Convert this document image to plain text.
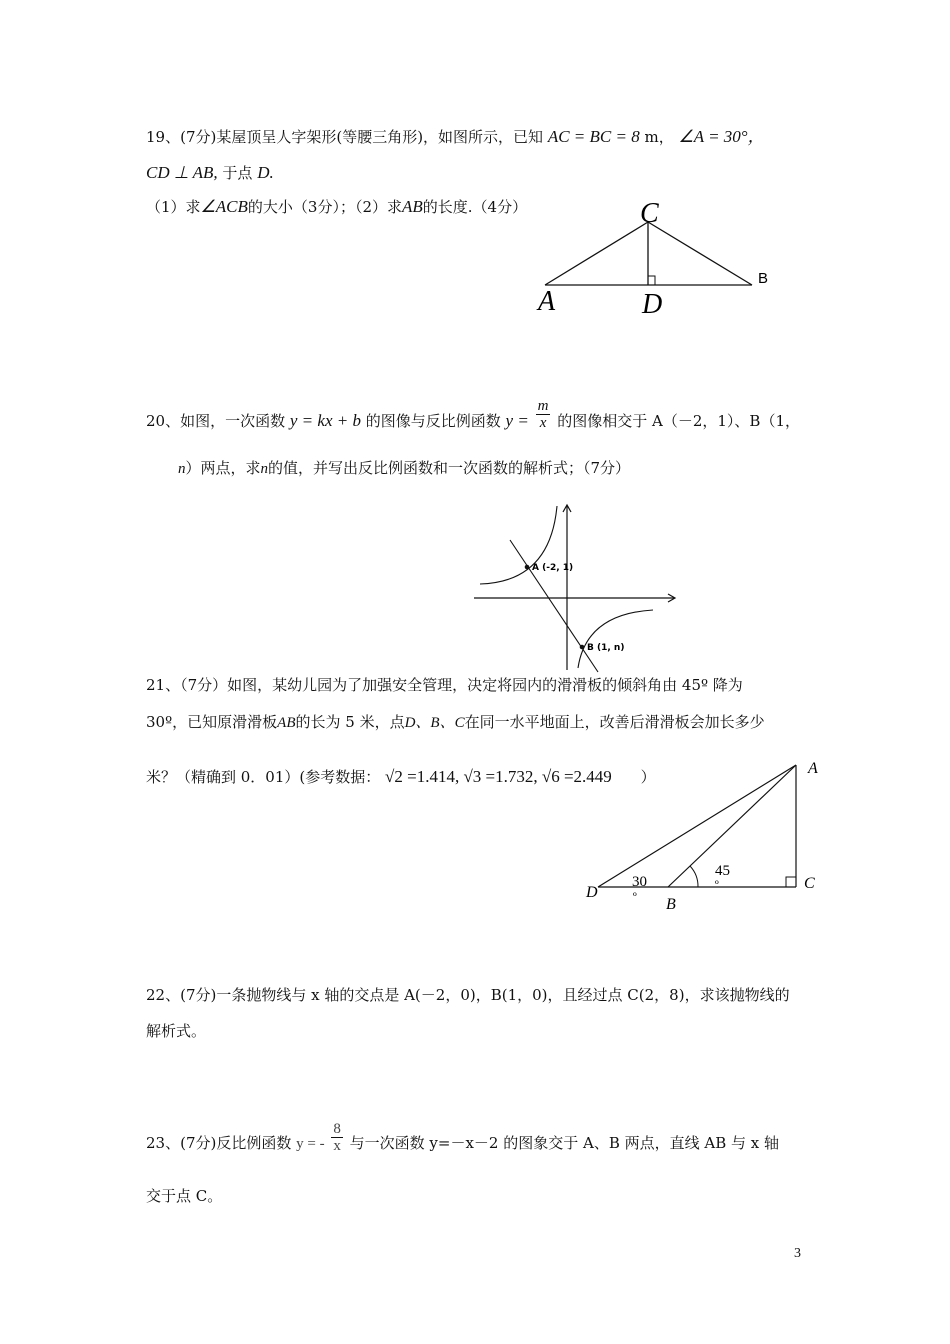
19、(7分)某屋顶呈人字架形(等腰三角形)，如图所示，已知 AC = BC = 8 m， ∠A = 30°，
CD ⊥ AB, 于点 D.
（1）求∠ACB的大小（3分）；（2）求AB的长度.（4分）	C
A	D
B
20、如图，一次函数 y = kx + b 的图像与反比例函数 $y = \frac{m}{x}$ 的图像相交于 A（－2，1）、B（1，
n）两点，求n的值，并写出反比例函数和一次函数的解析式；（7分）
A (-2, 1)
B (1, n)
21、（7分）如图，某幼儿园为了加强安全管理，决定将园内的滑滑板的倾斜角由 45º 降为
30º，已知原滑滑板AB的长为 5 米，点D、B、C在同一水平地面上，改善后滑滑板会加长多少
米？（精确到 0．01）(参考数据： √2 =1.414, √3 =1.732, √6 =2.449 ）	A
C
D
B
30
º
45
º
22、(7分)一条抛物线与 x 轴的交点是 A(－2，0)，B(1，0)，且经过点 C(2，8)，求该抛物线的
解析式。
23、(7分)反比例函数 y = - $\frac{8}{x}$ 与一次函数 y=－x－2 的图象交于 A、B 两点，直线 AB 与 x 轴
交于点 C。
3
